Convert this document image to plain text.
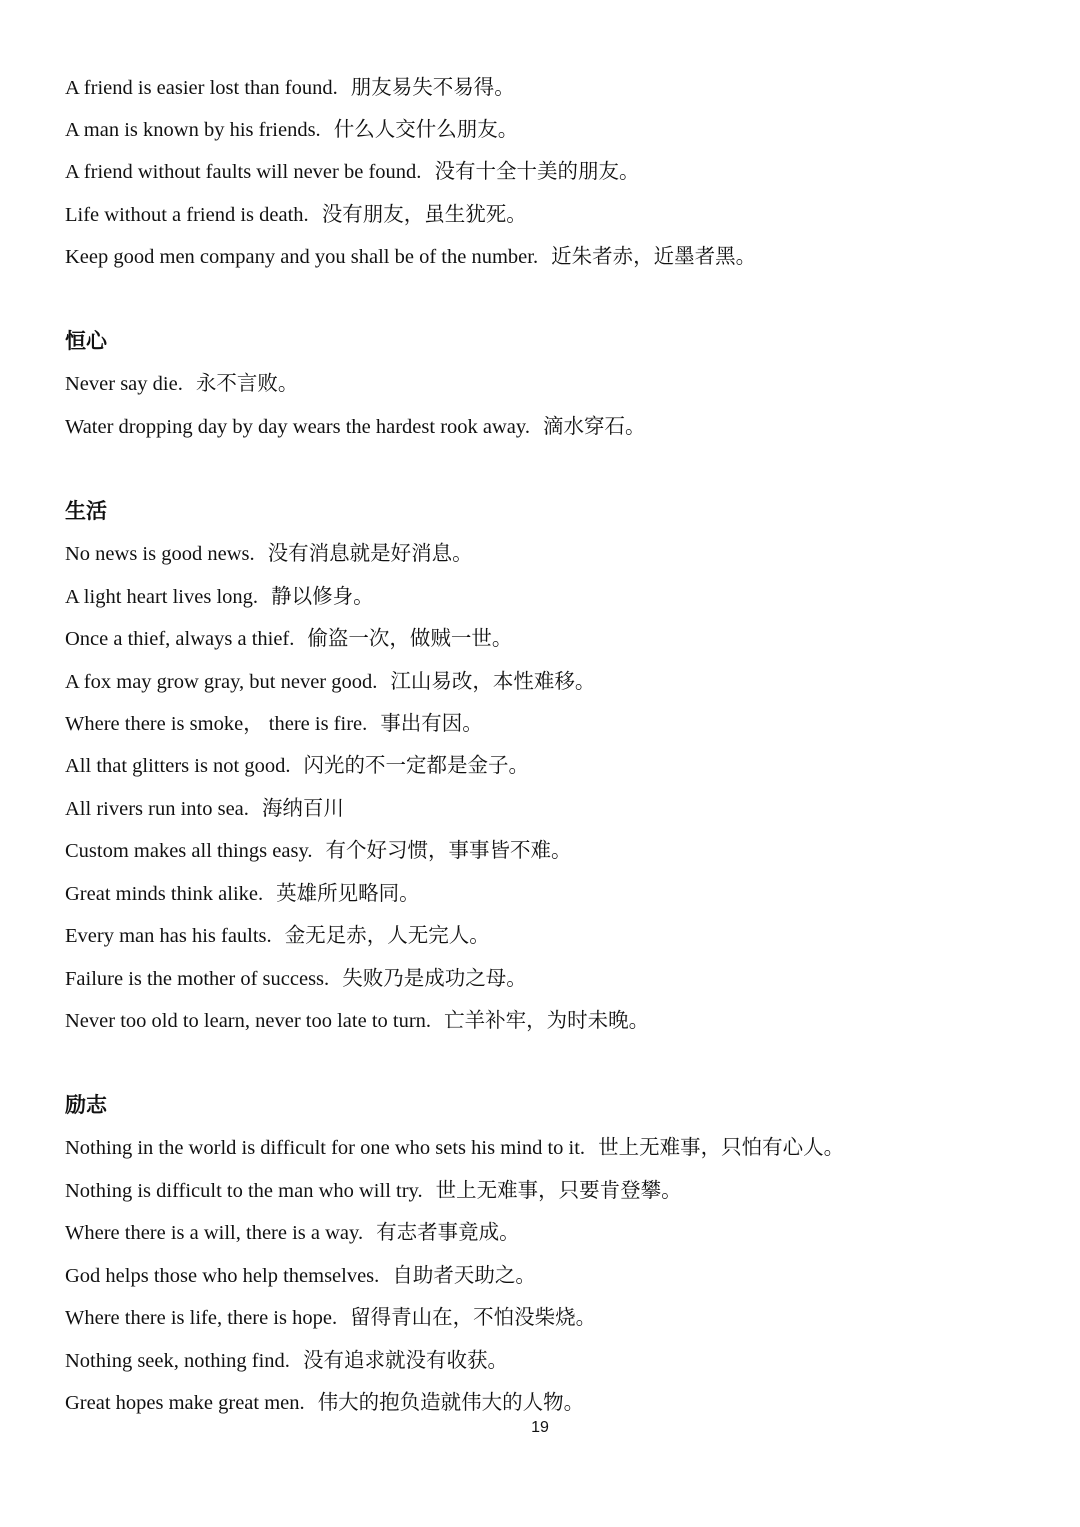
A friend is easier lost than found. 朋友易失不易得。
A man is known by his friends. 什么人交什么朋友。
A friend without faults will never be found. 没有十全十美的朋友。
Life without a friend is death. 没有朋友，虽生犹死。
Keep good men company and you shall be of the number. 近朱者赤，近墨者黑。
恒心
Never say die. 永不言败。
Water dropping day by day wears the hardest rook away. 滴水穿石。
生活
No news is good news. 没有消息就是好消息。
A light heart lives long. 静以修身。
Once a thief, always a thief. 偷盗一次，做贼一世。
A fox may grow gray, but never good. 江山易改，本性难移。
Where there is smoke， there is fire. 事出有因。
All that glitters is not good. 闪光的不一定都是金子。
All rivers run into sea. 海纳百川
Custom makes all things easy. 有个好习惯，事事皆不难。
Great minds think alike. 英雄所见略同。
Every man has his faults. 金无足赤，人无完人。
Failure is the mother of success. 失败乃是成功之母。
Never too old to learn, never too late to turn. 亡羊补牢，为时未晚。
励志
Nothing in the world is difficult for one who sets his mind to it. 世上无难事，只怕有心人。
Nothing is difficult to the man who will try. 世上无难事，只要肯登攀。
Where there is a will, there is a way. 有志者事竟成。
God helps those who help themselves. 自助者天助之。
Where there is life, there is hope. 留得青山在，不怕没柴烧。
Nothing seek, nothing find. 没有追求就没有收获。
Great hopes make great men. 伟大的抱负造就伟大的人物。
19
